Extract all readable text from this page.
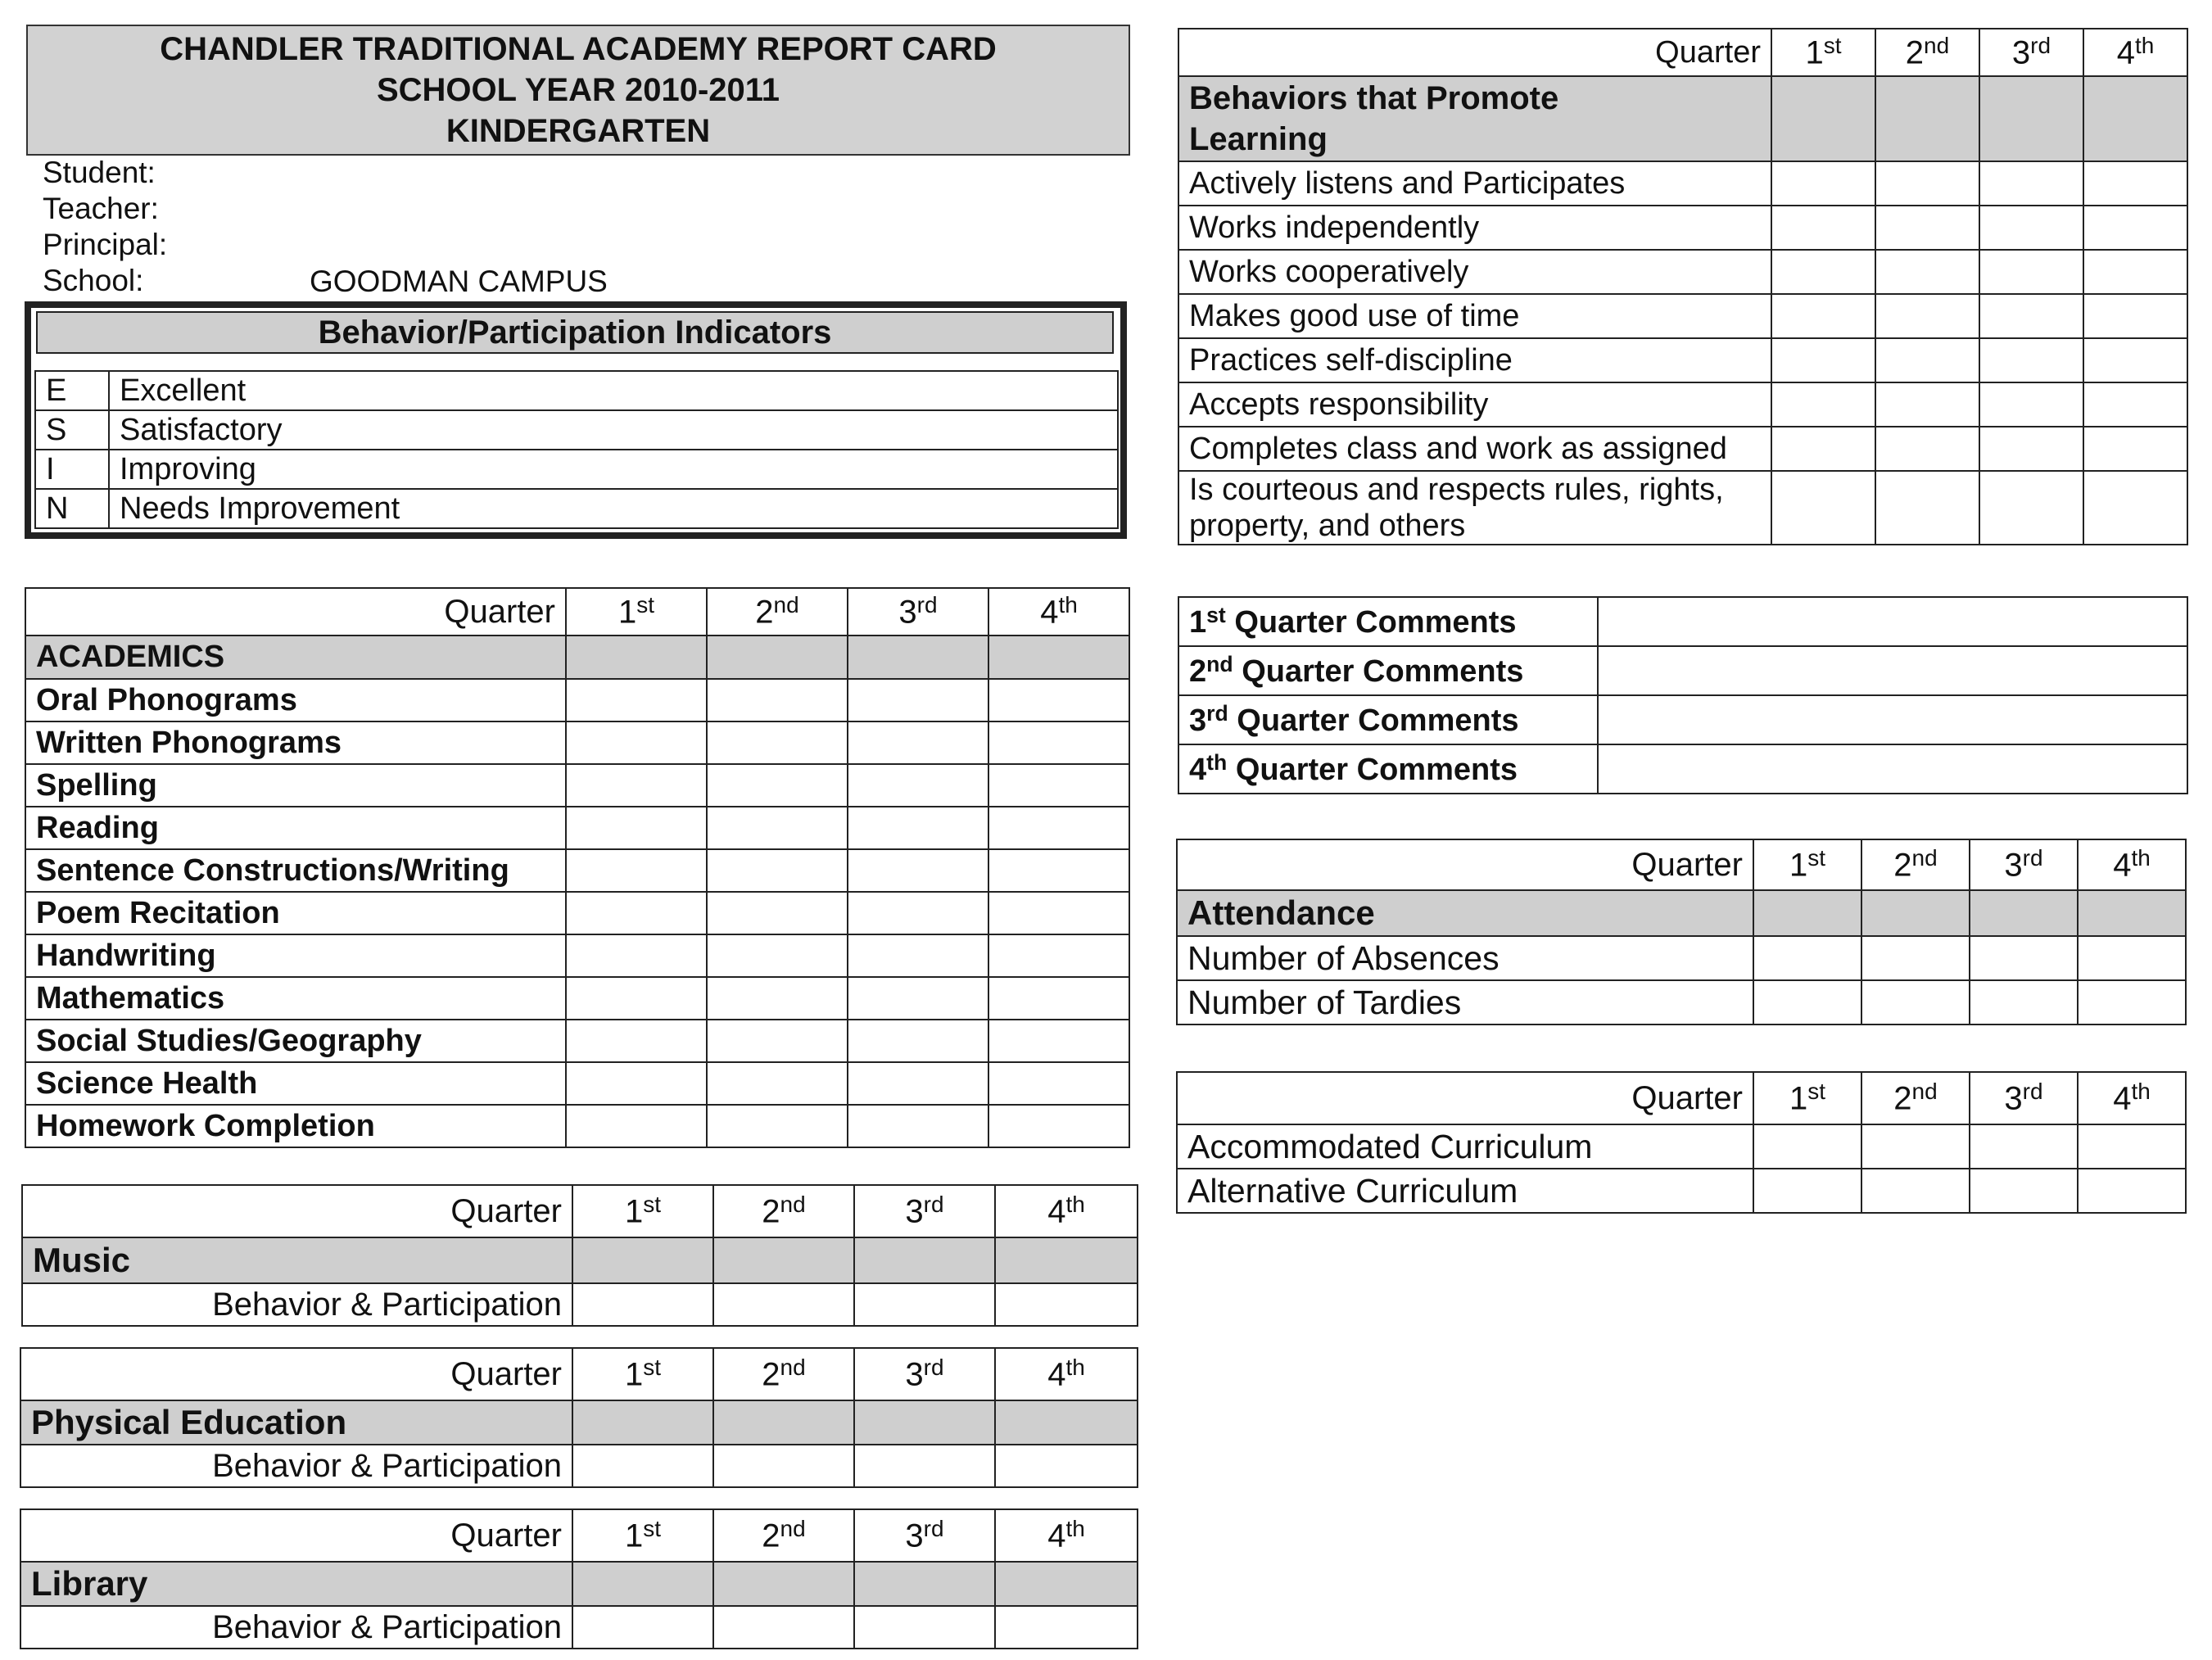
CHANDLER TRADITIONAL ACADEMY REPORT CARD
SCHOOL YEAR 2010-2011
KINDERGARTEN
Student:
Teacher:
Principal:
School:	GOODMAN CAMPUS
Behavior/Participation Indicators
E	Excellent
S	Satisfactory
I	Improving
N	Needs Improvement
Quarter	1st	2nd	3rd	4th
ACADEMICS				
Oral Phonograms				
Written Phonograms				
Spelling				
Reading				
Sentence Constructions/Writing				
Poem Recitation				
Handwriting				
Mathematics				
Social Studies/Geography				
Science Health				
Homework Completion				
Quarter	1st	2nd	3rd	4th
Music				
Behavior & Participation				
Quarter	1st	2nd	3rd	4th
Physical Education				
Behavior & Participation				
Quarter	1st	2nd	3rd	4th
Library				
Behavior & Participation				
Quarter	1st	2nd	3rd	4th
Behaviors that Promote Learning				
Actively listens and Participates				
Works independently				
Works cooperatively				
Makes good use of time				
Practices self-discipline				
Accepts responsibility				
Completes class and work as assigned				
Is courteous and respects rules, rights, property, and others				
1st Quarter Comments	
2nd Quarter Comments	
3rd Quarter Comments	
4th Quarter Comments	
Quarter	1st	2nd	3rd	4th
Attendance				
Number of Absences				
Number of Tardies				
Quarter	1st	2nd	3rd	4th
Accommodated Curriculum				
Alternative Curriculum				
